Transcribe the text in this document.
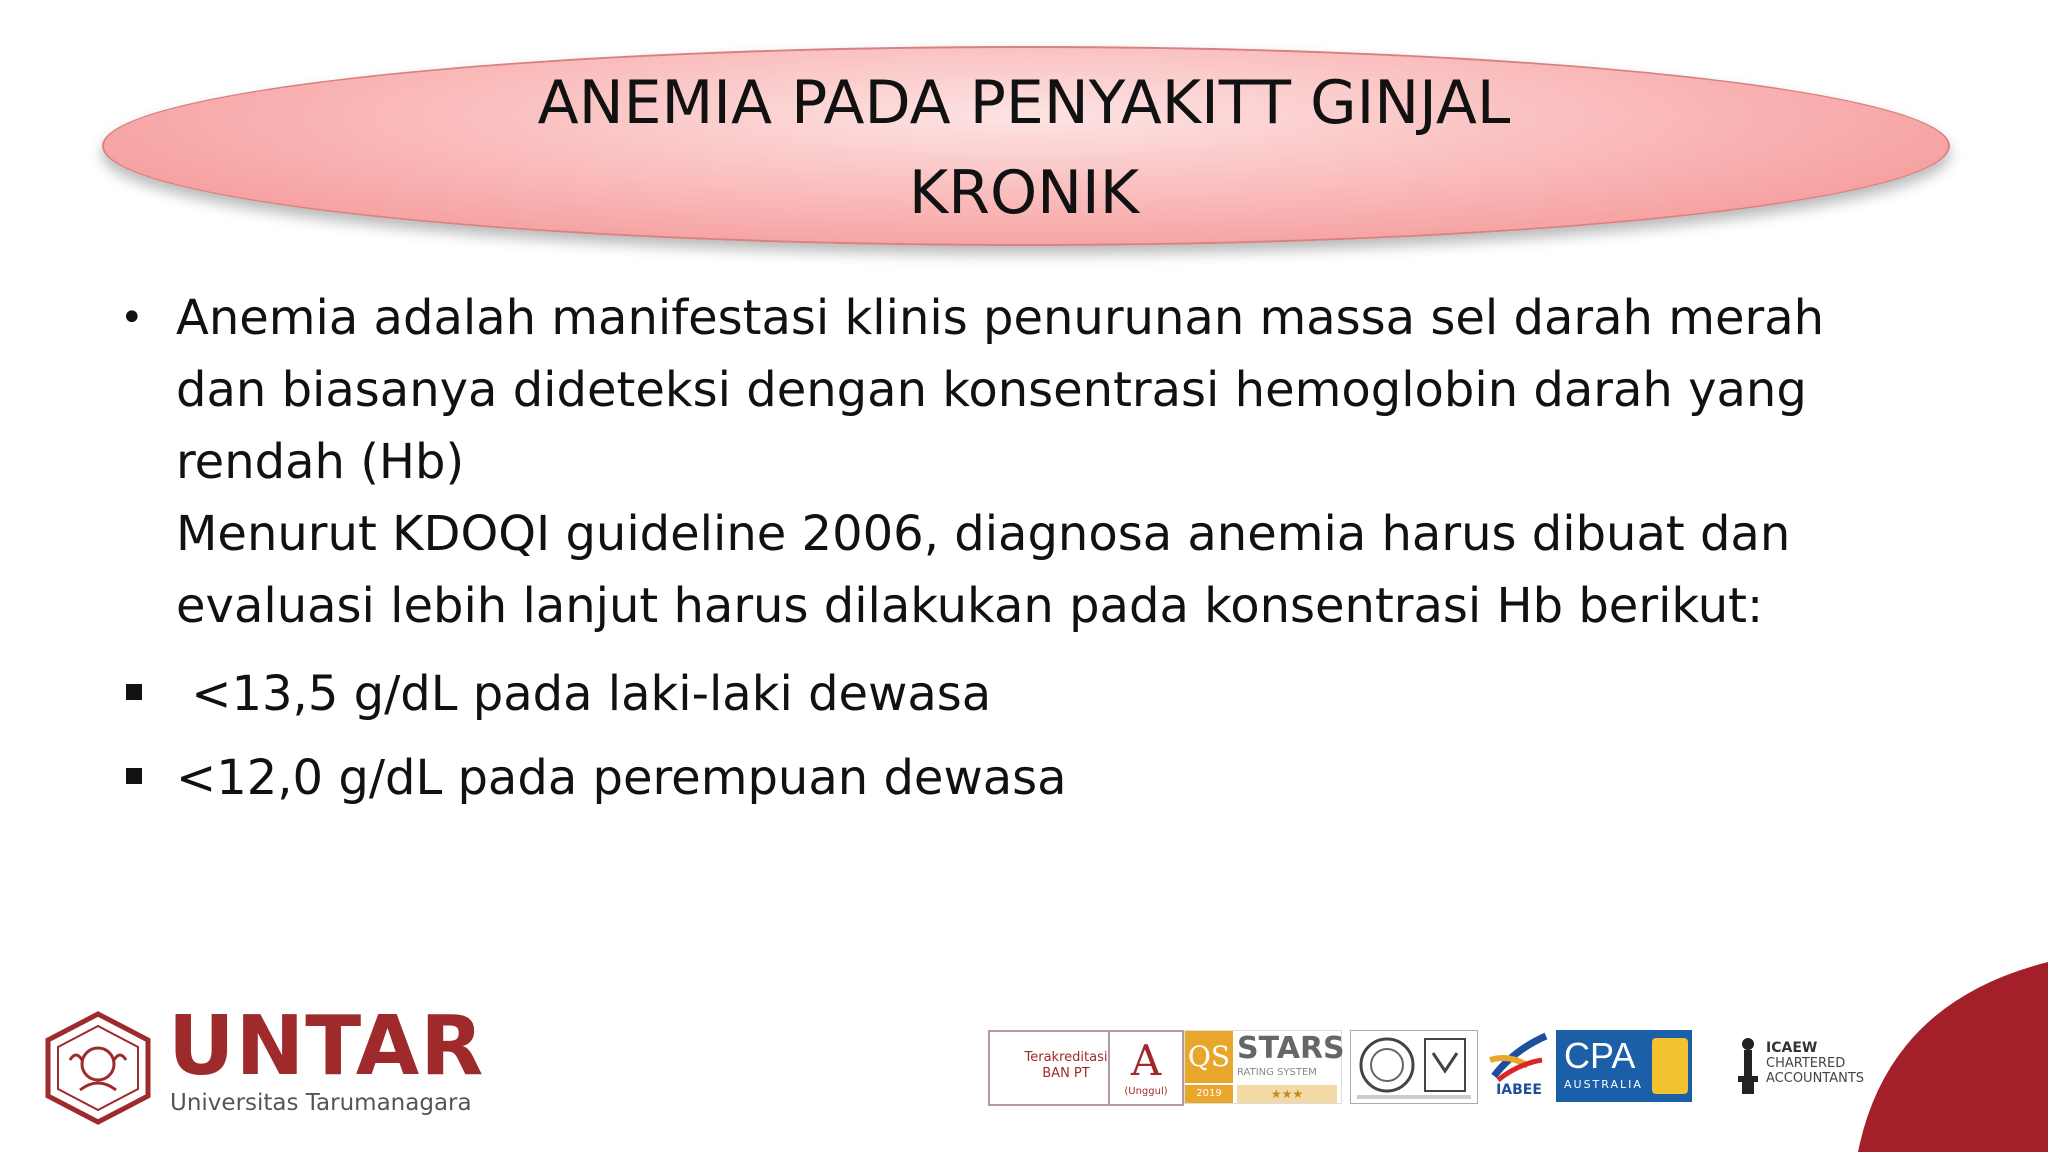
ANEMIA PADA PENYAKITT GINJAL
KRONIK
• Anemia adalah manifestasi klinis penurunan massa sel darah merah

dan biasanya dideteksi dengan konsentrasi hemoglobin darah yang

rendah (Hb)

Menurut KDOQI guideline 2006, diagnosa anemia harus dibuat dan

evaluasi lebih lanjut harus dilakukan pada konsentrasi Hb berikut:

<13,5 g/dL pada laki-laki dewasa
<12,0 g/dL pada perempuan dewasa
UNTAR
Universitas Tarumanagara
Terakreditasi
BAN PT A
(Unggul)
QS STARS
RATING SYSTEM
2019	★★★	IABEE
CPA
AUSTRALIA
ICAEW
CHARTERED
ACCOUNTANTS
